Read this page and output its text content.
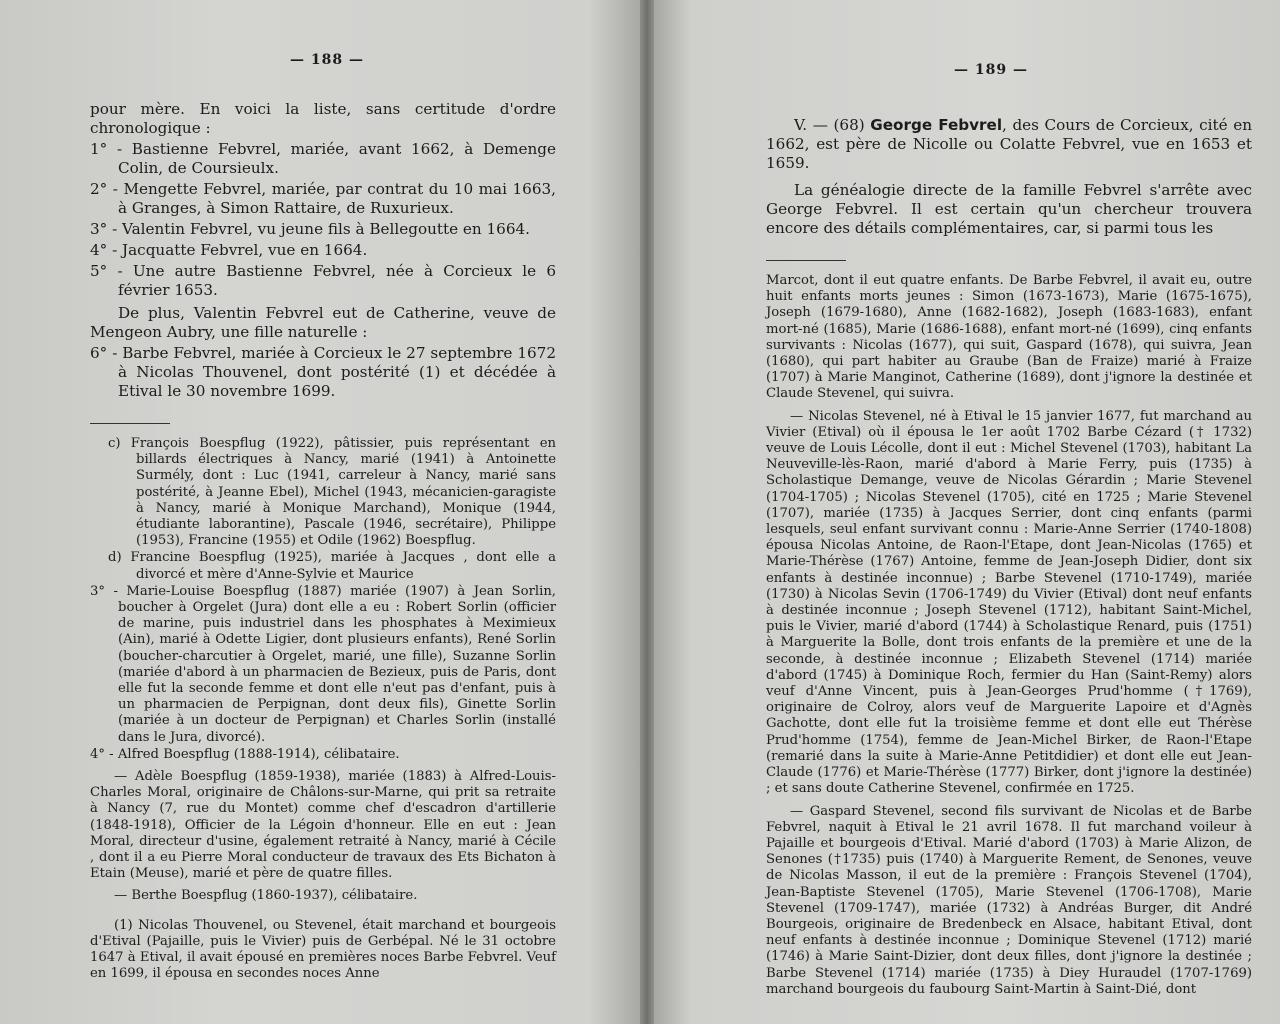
— 188 —

pour mère. En voici la liste, sans certitude d'ordre chronologique :

1° - Bastienne Febvrel, mariée, avant 1662, à Demenge Colin, de Coursieulx.

2° - Mengette Febvrel, mariée, par contrat du 10 mai 1663, à Granges, à Simon Rattaire, de Ruxurieux.

3° - Valentin Febvrel, vu jeune fils à Bellegoutte en 1664.

4° - Jacquatte Febvrel, vue en 1664.

5° - Une autre Bastienne Febvrel, née à Corcieux le 6 février 1653.

De plus, Valentin Febvrel eut de Catherine, veuve de Mengeon Aubry, une fille naturelle :

6° - Barbe Febvrel, mariée à Corcieux le 27 septembre 1672 à Nicolas Thouvenel, dont postérité (1) et décédée à Etival le 30 novembre 1699.

c) François Boespflug (1922), pâtissier, puis représentant en billards électriques à Nancy, marié (1941) à Antoinette Surmély, dont : Luc (1941, carreleur à Nancy, marié sans postérité, à Jeanne Ebel), Michel (1943, mécanicien-garagiste à Nancy, marié à Monique Marchand), Monique (1944, étudiante laborantine), Pascale (1946, secrétaire), Philippe (1953), Francine (1955) et Odile (1962) Boespflug.

d) Francine Boespflug (1925), mariée à Jacques , dont elle a divorcé et mère d'Anne-Sylvie et Maurice

3° - Marie-Louise Boespflug (1887) mariée (1907) à Jean Sorlin, boucher à Orgelet (Jura) dont elle a eu : Robert Sorlin (officier de marine, puis industriel dans les phosphates à Meximieux (Ain), marié à Odette Ligier, dont plusieurs enfants), René Sorlin (boucher-charcutier à Orgelet, marié, une fille), Suzanne Sorlin (mariée d'abord à un pharmacien de Bezieux, puis de Paris, dont elle fut la seconde femme et dont elle n'eut pas d'enfant, puis à un pharmacien de Perpignan, dont deux fils), Ginette Sorlin (mariée à un docteur de Perpignan) et Charles Sorlin (installé dans le Jura, divorcé).

4° - Alfred Boespflug (1888-1914), célibataire.

— Adèle Boespflug (1859-1938), mariée (1883) à Alfred-Louis-Charles Moral, originaire de Châlons-sur-Marne, qui prit sa retraite à Nancy (7, rue du Montet) comme chef d'escadron d'artillerie (1848-1918), Officier de la Légoin d'honneur. Elle en eut : Jean Moral, directeur d'usine, également retraité à Nancy, marié à Cécile , dont il a eu Pierre Moral conducteur de travaux des Ets Bichaton à Etain (Meuse), marié et père de quatre filles.

— Berthe Boespflug (1860-1937), célibataire.

(1) Nicolas Thouvenel, ou Stevenel, était marchand et bourgeois d'Etival (Pajaille, puis le Vivier) puis de Gerbépal. Né le 31 octobre 1647 à Etival, il avait épousé en premières noces Barbe Febvrel. Veuf en 1699, il épousa en secondes noces Anne

— 189 —

V. — (68) George Febvrel, des Cours de Corcieux, cité en 1662, est père de Nicolle ou Colatte Febvrel, vue en 1653 et 1659.

La généalogie directe de la famille Febvrel s'arrête avec George Febvrel. Il est certain qu'un chercheur trouvera encore des détails complémentaires, car, si parmi tous les

Marcot, dont il eut quatre enfants. De Barbe Febvrel, il avait eu, outre huit enfants morts jeunes : Simon (1673-1673), Marie (1675-1675), Joseph (1679-1680), Anne (1682-1682), Joseph (1683-1683), enfant mort-né (1685), Marie (1686-1688), enfant mort-né (1699), cinq enfants survivants : Nicolas (1677), qui suit, Gaspard (1678), qui suivra, Jean (1680), qui part habiter au Graube (Ban de Fraize) marié à Fraize (1707) à Marie Manginot, Catherine (1689), dont j'ignore la destinée et Claude Stevenel, qui suivra.

— Nicolas Stevenel, né à Etival le 15 janvier 1677, fut marchand au Vivier (Etival) où il épousa le 1er août 1702 Barbe Cézard († 1732) veuve de Louis Lécolle, dont il eut : Michel Stevenel (1703), habitant La Neuveville-lès-Raon, marié d'abord à Marie Ferry, puis (1735) à Scholastique Demange, veuve de Nicolas Gérardin ; Marie Stevenel (1704-1705) ; Nicolas Stevenel (1705), cité en 1725 ; Marie Stevenel (1707), mariée (1735) à Jacques Serrier, dont cinq enfants (parmi lesquels, seul enfant survivant connu : Marie-Anne Serrier (1740-1808) épousa Nicolas Antoine, de Raon-l'Etape, dont Jean-Nicolas (1765) et Marie-Thérèse (1767) Antoine, femme de Jean-Joseph Didier, dont six enfants à destinée inconnue) ; Barbe Stevenel (1710-1749), mariée (1730) à Nicolas Sevin (1706-1749) du Vivier (Etival) dont neuf enfants à destinée inconnue ; Joseph Stevenel (1712), habitant Saint-Michel, puis le Vivier, marié d'abord (1744) à Scholastique Renard, puis (1751) à Marguerite la Bolle, dont trois enfants de la première et une de la seconde, à destinée inconnue ; Elizabeth Stevenel (1714) mariée d'abord (1745) à Dominique Roch, fermier du Han (Saint-Remy) alors veuf d'Anne Vincent, puis à Jean-Georges Prud'homme (†1769), originaire de Colroy, alors veuf de Marguerite Lapoire et d'Agnès Gachotte, dont elle fut la troisième femme et dont elle eut Thérèse Prud'homme (1754), femme de Jean-Michel Birker, de Raon-l'Etape (remarié dans la suite à Marie-Anne Petitdidier) et dont elle eut Jean-Claude (1776) et Marie-Thérèse (1777) Birker, dont j'ignore la destinée) ; et sans doute Catherine Stevenel, confirmée en 1725.

— Gaspard Stevenel, second fils survivant de Nicolas et de Barbe Febvrel, naquit à Etival le 21 avril 1678. Il fut marchand voileur à Pajaille et bourgeois d'Etival. Marié d'abord (1703) à Marie Alizon, de Senones (†1735) puis (1740) à Marguerite Rement, de Senones, veuve de Nicolas Masson, il eut de la première : François Stevenel (1704), Jean-Baptiste Stevenel (1705), Marie Stevenel (1706-1708), Marie Stevenel (1709-1747), mariée (1732) à Andréas Burger, dit André Bourgeois, originaire de Bredenbeck en Alsace, habitant Etival, dont neuf enfants à destinée inconnue ; Dominique Stevenel (1712) marié (1746) à Marie Saint-Dizier, dont deux filles, dont j'ignore la destinée ; Barbe Stevenel (1714) mariée (1735) à Diey Huraudel (1707-1769) marchand bourgeois du faubourg Saint-Martin à Saint-Dié, dont
